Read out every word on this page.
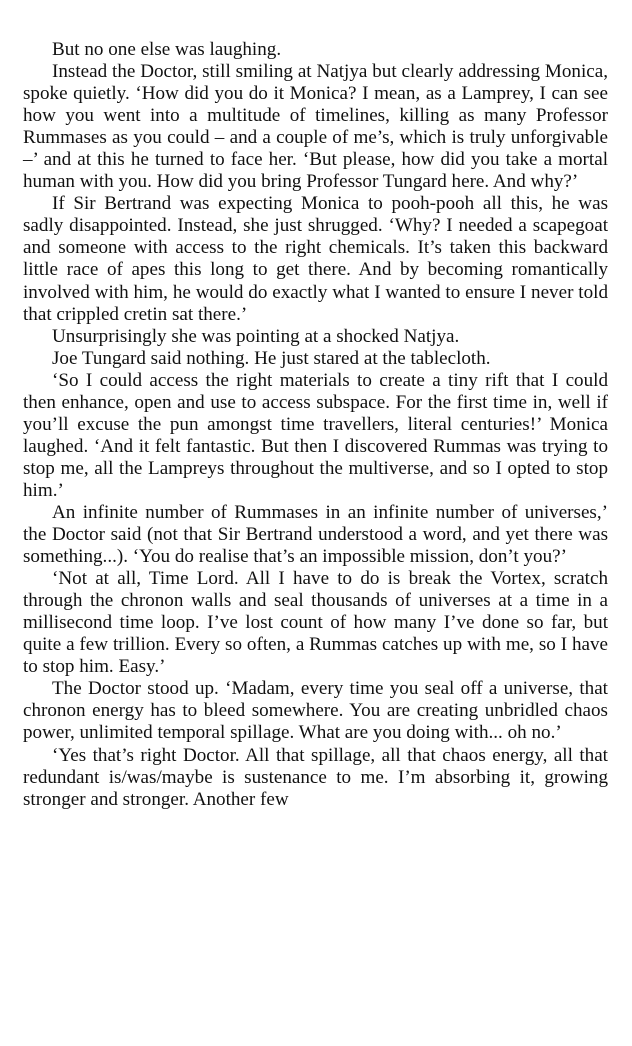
But no one else was laughing.

Instead the Doctor, still smiling at Natjya but clearly addressing Monica, spoke quietly. ‘How did you do it Monica? I mean, as a Lamprey, I can see how you went into a multitude of timelines, killing as many Professor Rummases as you could – and a couple of me’s, which is truly unforgivable –’ and at this he turned to face her. ‘But please, how did you take a mortal human with you. How did you bring Professor Tungard here. And why?’

If Sir Bertrand was expecting Monica to pooh-pooh all this, he was sadly disappointed. Instead, she just shrugged. ‘Why? I needed a scapegoat and someone with access to the right chemicals. It’s taken this backward little race of apes this long to get there. And by becoming romantically involved with him, he would do exactly what I wanted to ensure I never told that crippled cretin sat there.’

Unsurprisingly she was pointing at a shocked Natjya.

Joe Tungard said nothing. He just stared at the tablecloth.

‘So I could access the right materials to create a tiny rift that I could then enhance, open and use to access subspace. For the first time in, well if you’ll excuse the pun amongst time travellers, literal centuries!’ Monica laughed. ‘And it felt fantastic. But then I discovered Rummas was trying to stop me, all the Lampreys throughout the multiverse, and so I opted to stop him.’

An infinite number of Rummases in an infinite number of universes,’ the Doctor said (not that Sir Bertrand understood a word, and yet there was something...). ‘You do realise that’s an impossible mission, don’t you?’

‘Not at all, Time Lord. All I have to do is break the Vortex, scratch through the chronon walls and seal thousands of universes at a time in a millisecond time loop. I’ve lost count of how many I’ve done so far, but quite a few trillion. Every so often, a Rummas catches up with me, so I have to stop him. Easy.’

The Doctor stood up. ‘Madam, every time you seal off a universe, that chronon energy has to bleed somewhere. You are creating unbridled chaos power, unlimited temporal spillage. What are you doing with... oh no.’

‘Yes that’s right Doctor. All that spillage, all that chaos energy, all that redundant is/was/maybe is sustenance to me. I’m absorbing it, growing stronger and stronger. Another few
